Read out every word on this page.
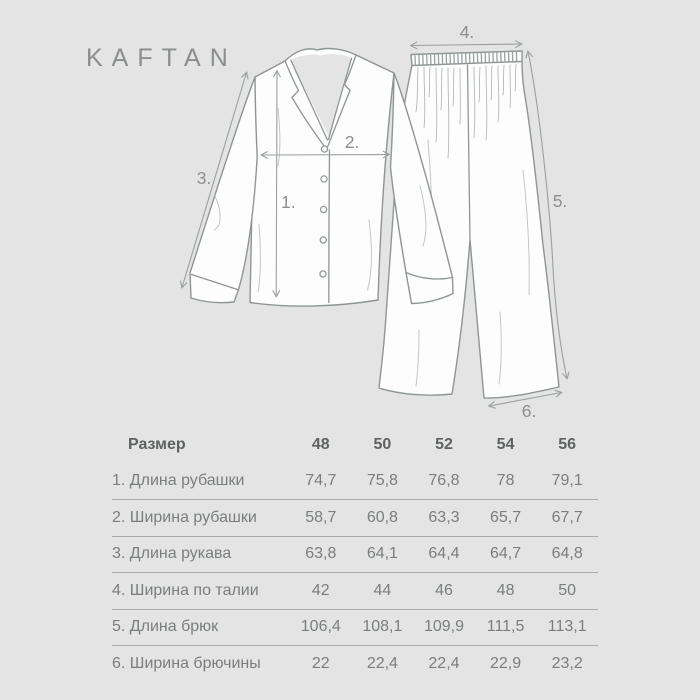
KAFTAN
1.
2.
3.
4.
5.
6.
Размер	48	50	52	54	56
1. Длина рубашки	74,7	75,8	76,8	78	79,1
2. Ширина рубашки	58,7	60,8	63,3	65,7	67,7
3. Длина рукава	63,8	64,1	64,4	64,7	64,8
4. Ширина по талии	42	44	46	48	50
5. Длина брюк	106,4	108,1	109,9	111,5	113,1
6. Ширина брючины	22	22,4	22,4	22,9	23,2
